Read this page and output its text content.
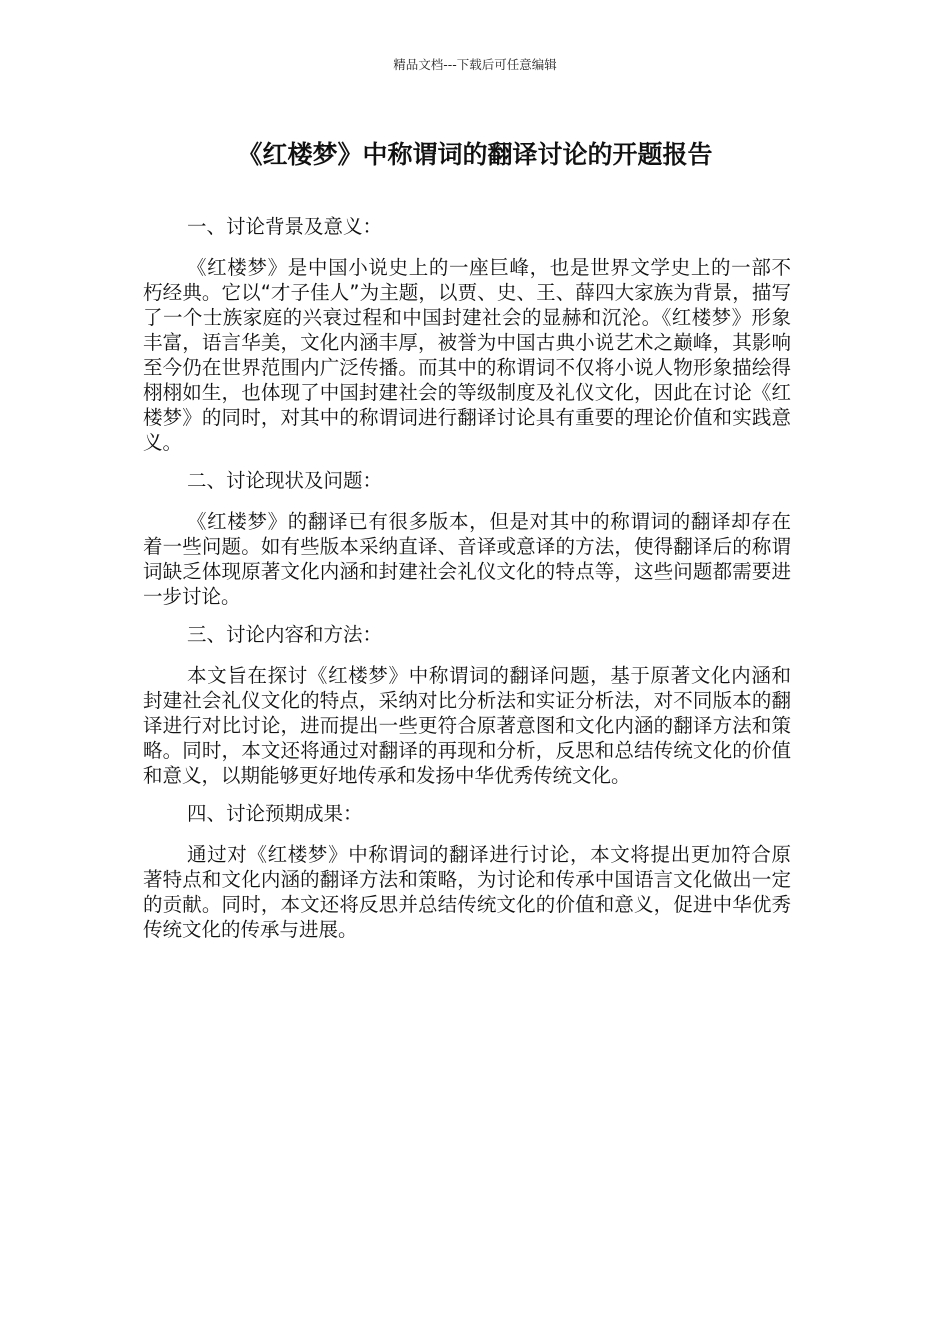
精品文档---下载后可任意编辑
《红楼梦》中称谓词的翻译讨论的开题报告
一、讨论背景及意义：

《红楼梦》是中国小说史上的一座巨峰，也是世界文学史上的一部不朽经典。它以“才子佳人”为主题，以贾、史、王、薛四大家族为背景，描写了一个士族家庭的兴衰过程和中国封建社会的显赫和沉沦。《红楼梦》形象丰富，语言华美，文化内涵丰厚，被誉为中国古典小说艺术之巅峰，其影响至今仍在世界范围内广泛传播。而其中的称谓词不仅将小说人物形象描绘得栩栩如生，也体现了中国封建社会的等级制度及礼仪文化，因此在讨论《红楼梦》的同时，对其中的称谓词进行翻译讨论具有重要的理论价值和实践意义。

二、讨论现状及问题：

《红楼梦》的翻译已有很多版本，但是对其中的称谓词的翻译却存在着一些问题。如有些版本采纳直译、音译或意译的方法，使得翻译后的称谓词缺乏体现原著文化内涵和封建社会礼仪文化的特点等，这些问题都需要进一步讨论。

三、讨论内容和方法：

本文旨在探讨《红楼梦》中称谓词的翻译问题，基于原著文化内涵和封建社会礼仪文化的特点，采纳对比分析法和实证分析法，对不同版本的翻译进行对比讨论，进而提出一些更符合原著意图和文化内涵的翻译方法和策略。同时，本文还将通过对翻译的再现和分析，反思和总结传统文化的价值和意义，以期能够更好地传承和发扬中华优秀传统文化。

四、讨论预期成果：

通过对《红楼梦》中称谓词的翻译进行讨论，本文将提出更加符合原著特点和文化内涵的翻译方法和策略，为讨论和传承中国语言文化做出一定的贡献。同时，本文还将反思并总结传统文化的价值和意义，促进中华优秀传统文化的传承与进展。
